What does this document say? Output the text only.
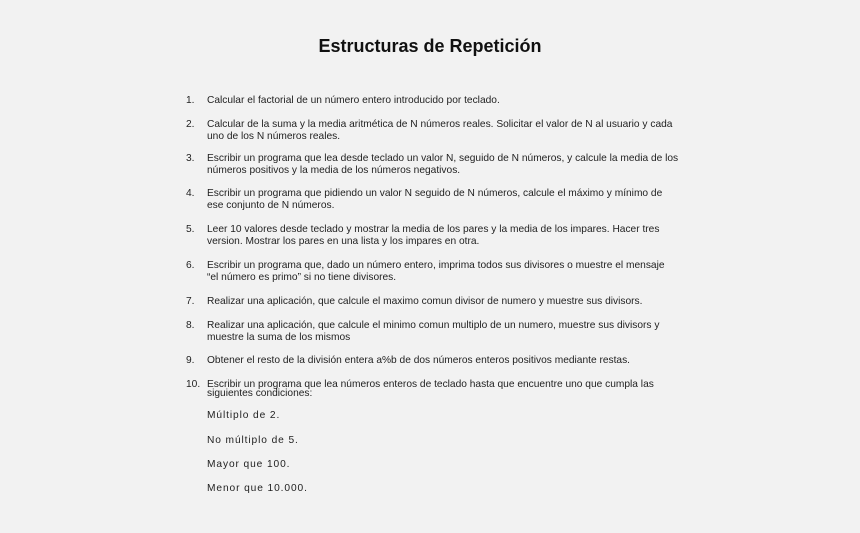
Estructuras de Repetición
1.	Calcular el factorial de un número entero introducido por teclado.
2.	Calcular de la suma y la media aritmética de N números reales. Solicitar el valor de N al usuario y cada
uno de los N números reales.
3.	Escribir un programa que lea desde teclado un valor N, seguido de N números, y calcule la media de los
números positivos y la media de los números negativos.
4.	Escribir un programa que pidiendo un valor N seguido de N números, calcule el máximo y mínimo de
ese conjunto de N números.
5.	Leer 10 valores desde teclado y mostrar la media de los pares y la media de los impares. Hacer tres
version. Mostrar los pares en una lista y los impares en otra.
6.	Escribir un programa que, dado un número entero, imprima todos sus divisores o muestre el mensaje
“el número es primo” si no tiene divisores.
7.	Realizar una aplicación, que calcule el maximo comun divisor de numero y muestre sus divisors.
8.	Realizar una aplicación, que calcule el minimo comun multiplo de un numero, muestre sus divisors y
muestre la suma de los mismos
9.	Obtener el resto de la división entera a%b de dos números enteros positivos mediante restas.
10. Escribir un programa que lea números enteros de teclado hasta que encuentre uno que cumpla las
siguientes condiciones:
Múltiplo de 2.
No múltiplo de 5.
Mayor que 100.
Menor que 10.000.
